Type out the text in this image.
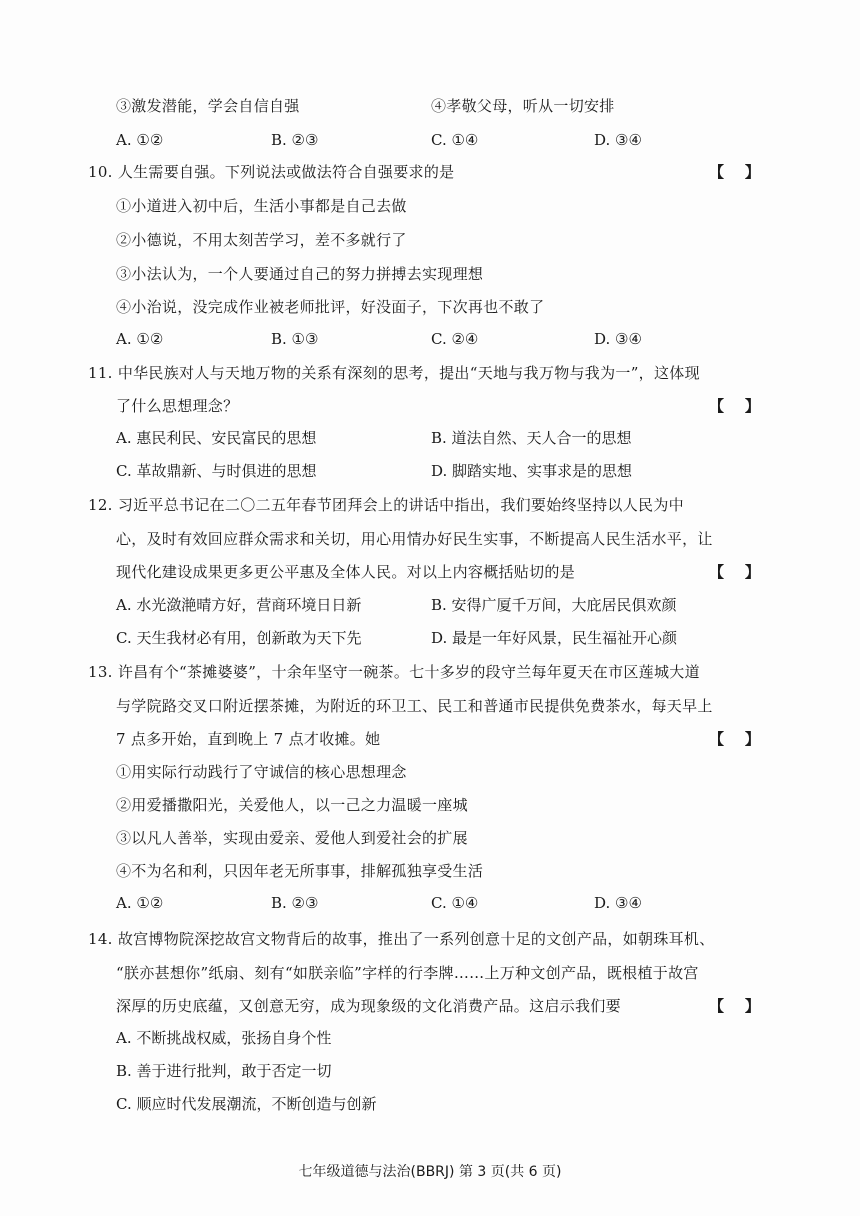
③激发潜能，学会自信自强	④孝敬父母，听从一切安排
A. ①②	B. ②③	C. ①④	D. ③④
10. 人生需要自强。下列说法或做法符合自强要求的是	【    】
①小道进入初中后，生活小事都是自己去做
②小德说，不用太刻苦学习，差不多就行了
③小法认为，一个人要通过自己的努力拼搏去实现理想
④小治说，没完成作业被老师批评，好没面子，下次再也不敢了
A. ①②	B. ①③	C. ②④	D. ③④
11. 中华民族对人与天地万物的关系有深刻的思考，提出“天地与我万物与我为一”，这体现
了什么思想理念？	【    】
A. 惠民利民、安民富民的思想	B. 道法自然、天人合一的思想
C. 革故鼎新、与时俱进的思想	D. 脚踏实地、实事求是的思想
12. 习近平总书记在二〇二五年春节团拜会上的讲话中指出，我们要始终坚持以人民为中
心，及时有效回应群众需求和关切，用心用情办好民生实事，不断提高人民生活水平，让
现代化建设成果更多更公平惠及全体人民。对以上内容概括贴切的是	【    】
A. 水光潋滟晴方好，营商环境日日新	B. 安得广厦千万间，大庇居民俱欢颜
C. 天生我材必有用，创新敢为天下先	D. 最是一年好风景，民生福祉开心颜
13. 许昌有个“茶摊婆婆”，十余年坚守一碗茶。七十多岁的段守兰每年夏天在市区莲城大道
与学院路交叉口附近摆茶摊，为附近的环卫工、民工和普通市民提供免费茶水，每天早上
7 点多开始，直到晚上 7 点才收摊。她	【    】
①用实际行动践行了守诚信的核心思想理念
②用爱播撒阳光，关爱他人，以一己之力温暖一座城
③以凡人善举，实现由爱亲、爱他人到爱社会的扩展
④不为名和利，只因年老无所事事，排解孤独享受生活
A. ①②	B. ②③	C. ①④	D. ③④
14. 故宫博物院深挖故宫文物背后的故事，推出了一系列创意十足的文创产品，如朝珠耳机、
“朕亦甚想你”纸扇、刻有“如朕亲临”字样的行李牌……上万种文创产品，既根植于故宫
深厚的历史底蕴，又创意无穷，成为现象级的文化消费产品。这启示我们要	【    】
A. 不断挑战权威，张扬自身个性
B. 善于进行批判，敢于否定一切
C. 顺应时代发展潮流，不断创造与创新
七年级道德与法治(BBRJ) 第 3 页(共 6 页)
